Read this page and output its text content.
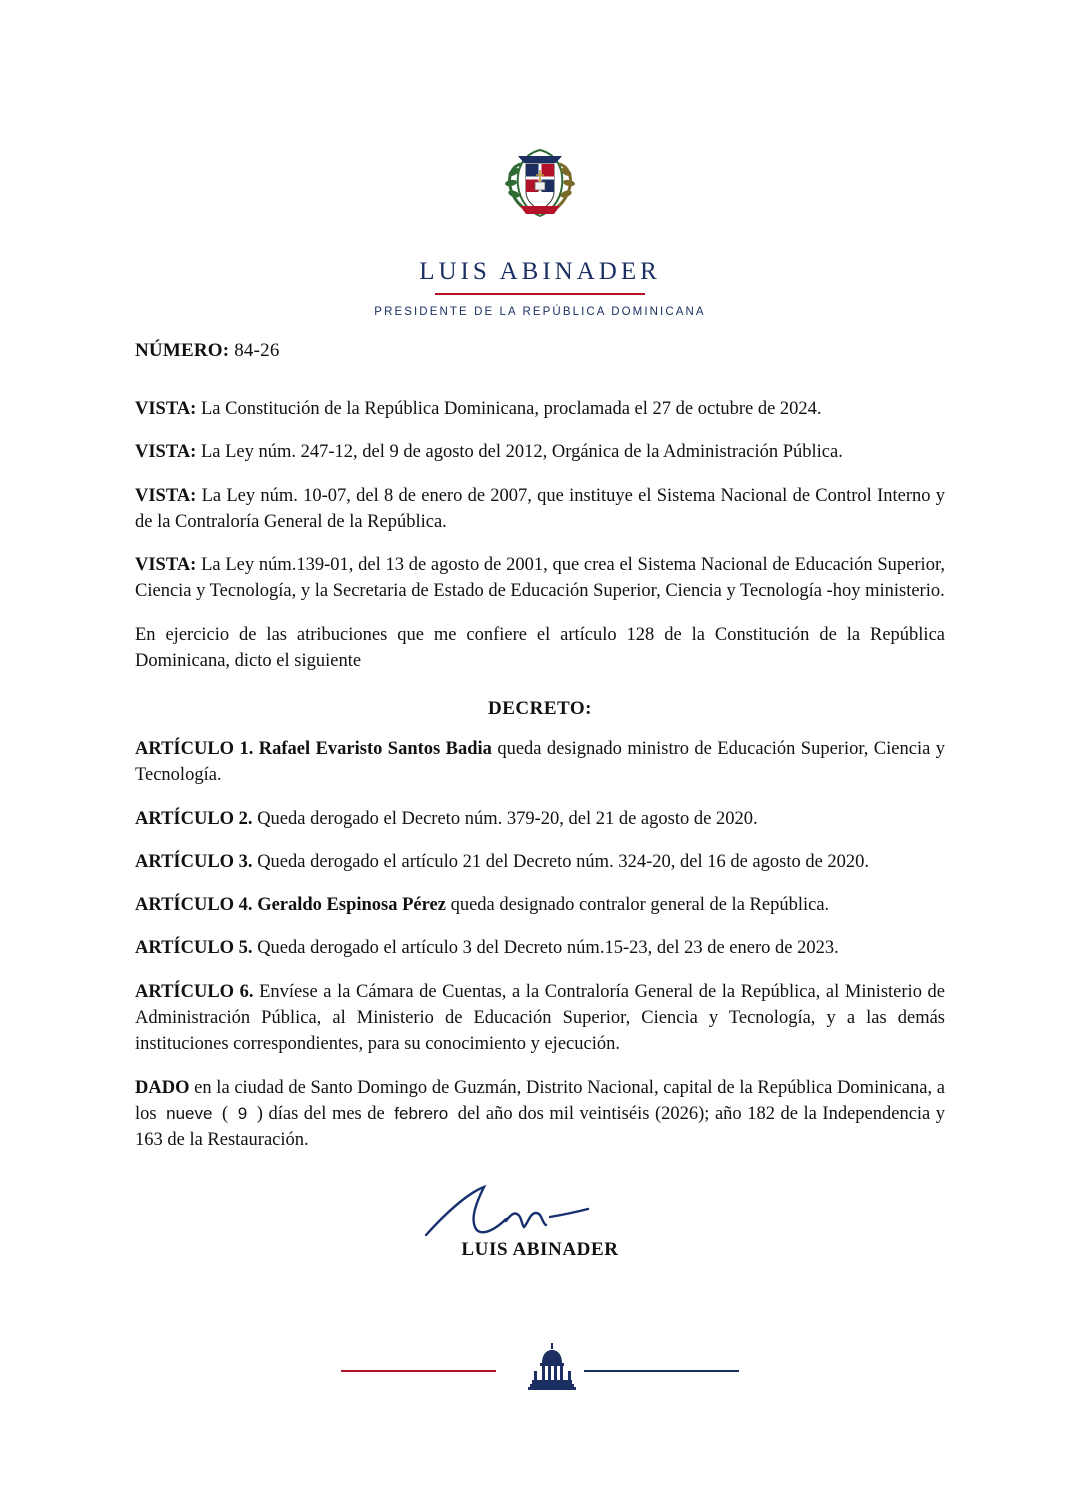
LUIS ABINADER
PRESIDENTE DE LA REPÚBLICA DOMINICANA
NÚMERO: 84-26

VISTA: La Constitución de la República Dominicana, proclamada el 27 de octubre de 2024.

VISTA: La Ley núm. 247-12, del 9 de agosto del 2012, Orgánica de la Administración Pública.

VISTA: La Ley núm. 10-07, del 8 de enero de 2007, que instituye el Sistema Nacional de Control Interno y de la Contraloría General de la República.

VISTA: La Ley núm.139-01, del 13 de agosto de 2001, que crea el Sistema Nacional de Educación Superior, Ciencia y Tecnología, y la Secretaria de Estado de Educación Superior, Ciencia y Tecnología -hoy ministerio.

En ejercicio de las atribuciones que me confiere el artículo 128 de la Constitución de la República Dominicana, dicto el siguiente

DECRETO:

ARTÍCULO 1. Rafael Evaristo Santos Badia queda designado ministro de Educación Superior, Ciencia y Tecnología.

ARTÍCULO 2. Queda derogado el Decreto núm. 379-20, del 21 de agosto de 2020.

ARTÍCULO 3. Queda derogado el artículo 21 del Decreto núm. 324-20, del 16 de agosto de 2020.

ARTÍCULO 4. Geraldo Espinosa Pérez queda designado contralor general de la República.

ARTÍCULO 5. Queda derogado el artículo 3 del Decreto núm.15-23, del 23 de enero de 2023.

ARTÍCULO 6. Envíese a la Cámara de Cuentas, a la Contraloría General de la República, al Ministerio de Administración Pública, al Ministerio de Educación Superior, Ciencia y Tecnología, y a las demás instituciones correspondientes, para su conocimiento y ejecución.

DADO en la ciudad de Santo Domingo de Guzmán, Distrito Nacional, capital de la República Dominicana, a los nueve ( 9 ) días del mes de febrero del año dos mil veintiséis (2026); año 182 de la Independencia y 163 de la Restauración.

LUIS ABINADER
